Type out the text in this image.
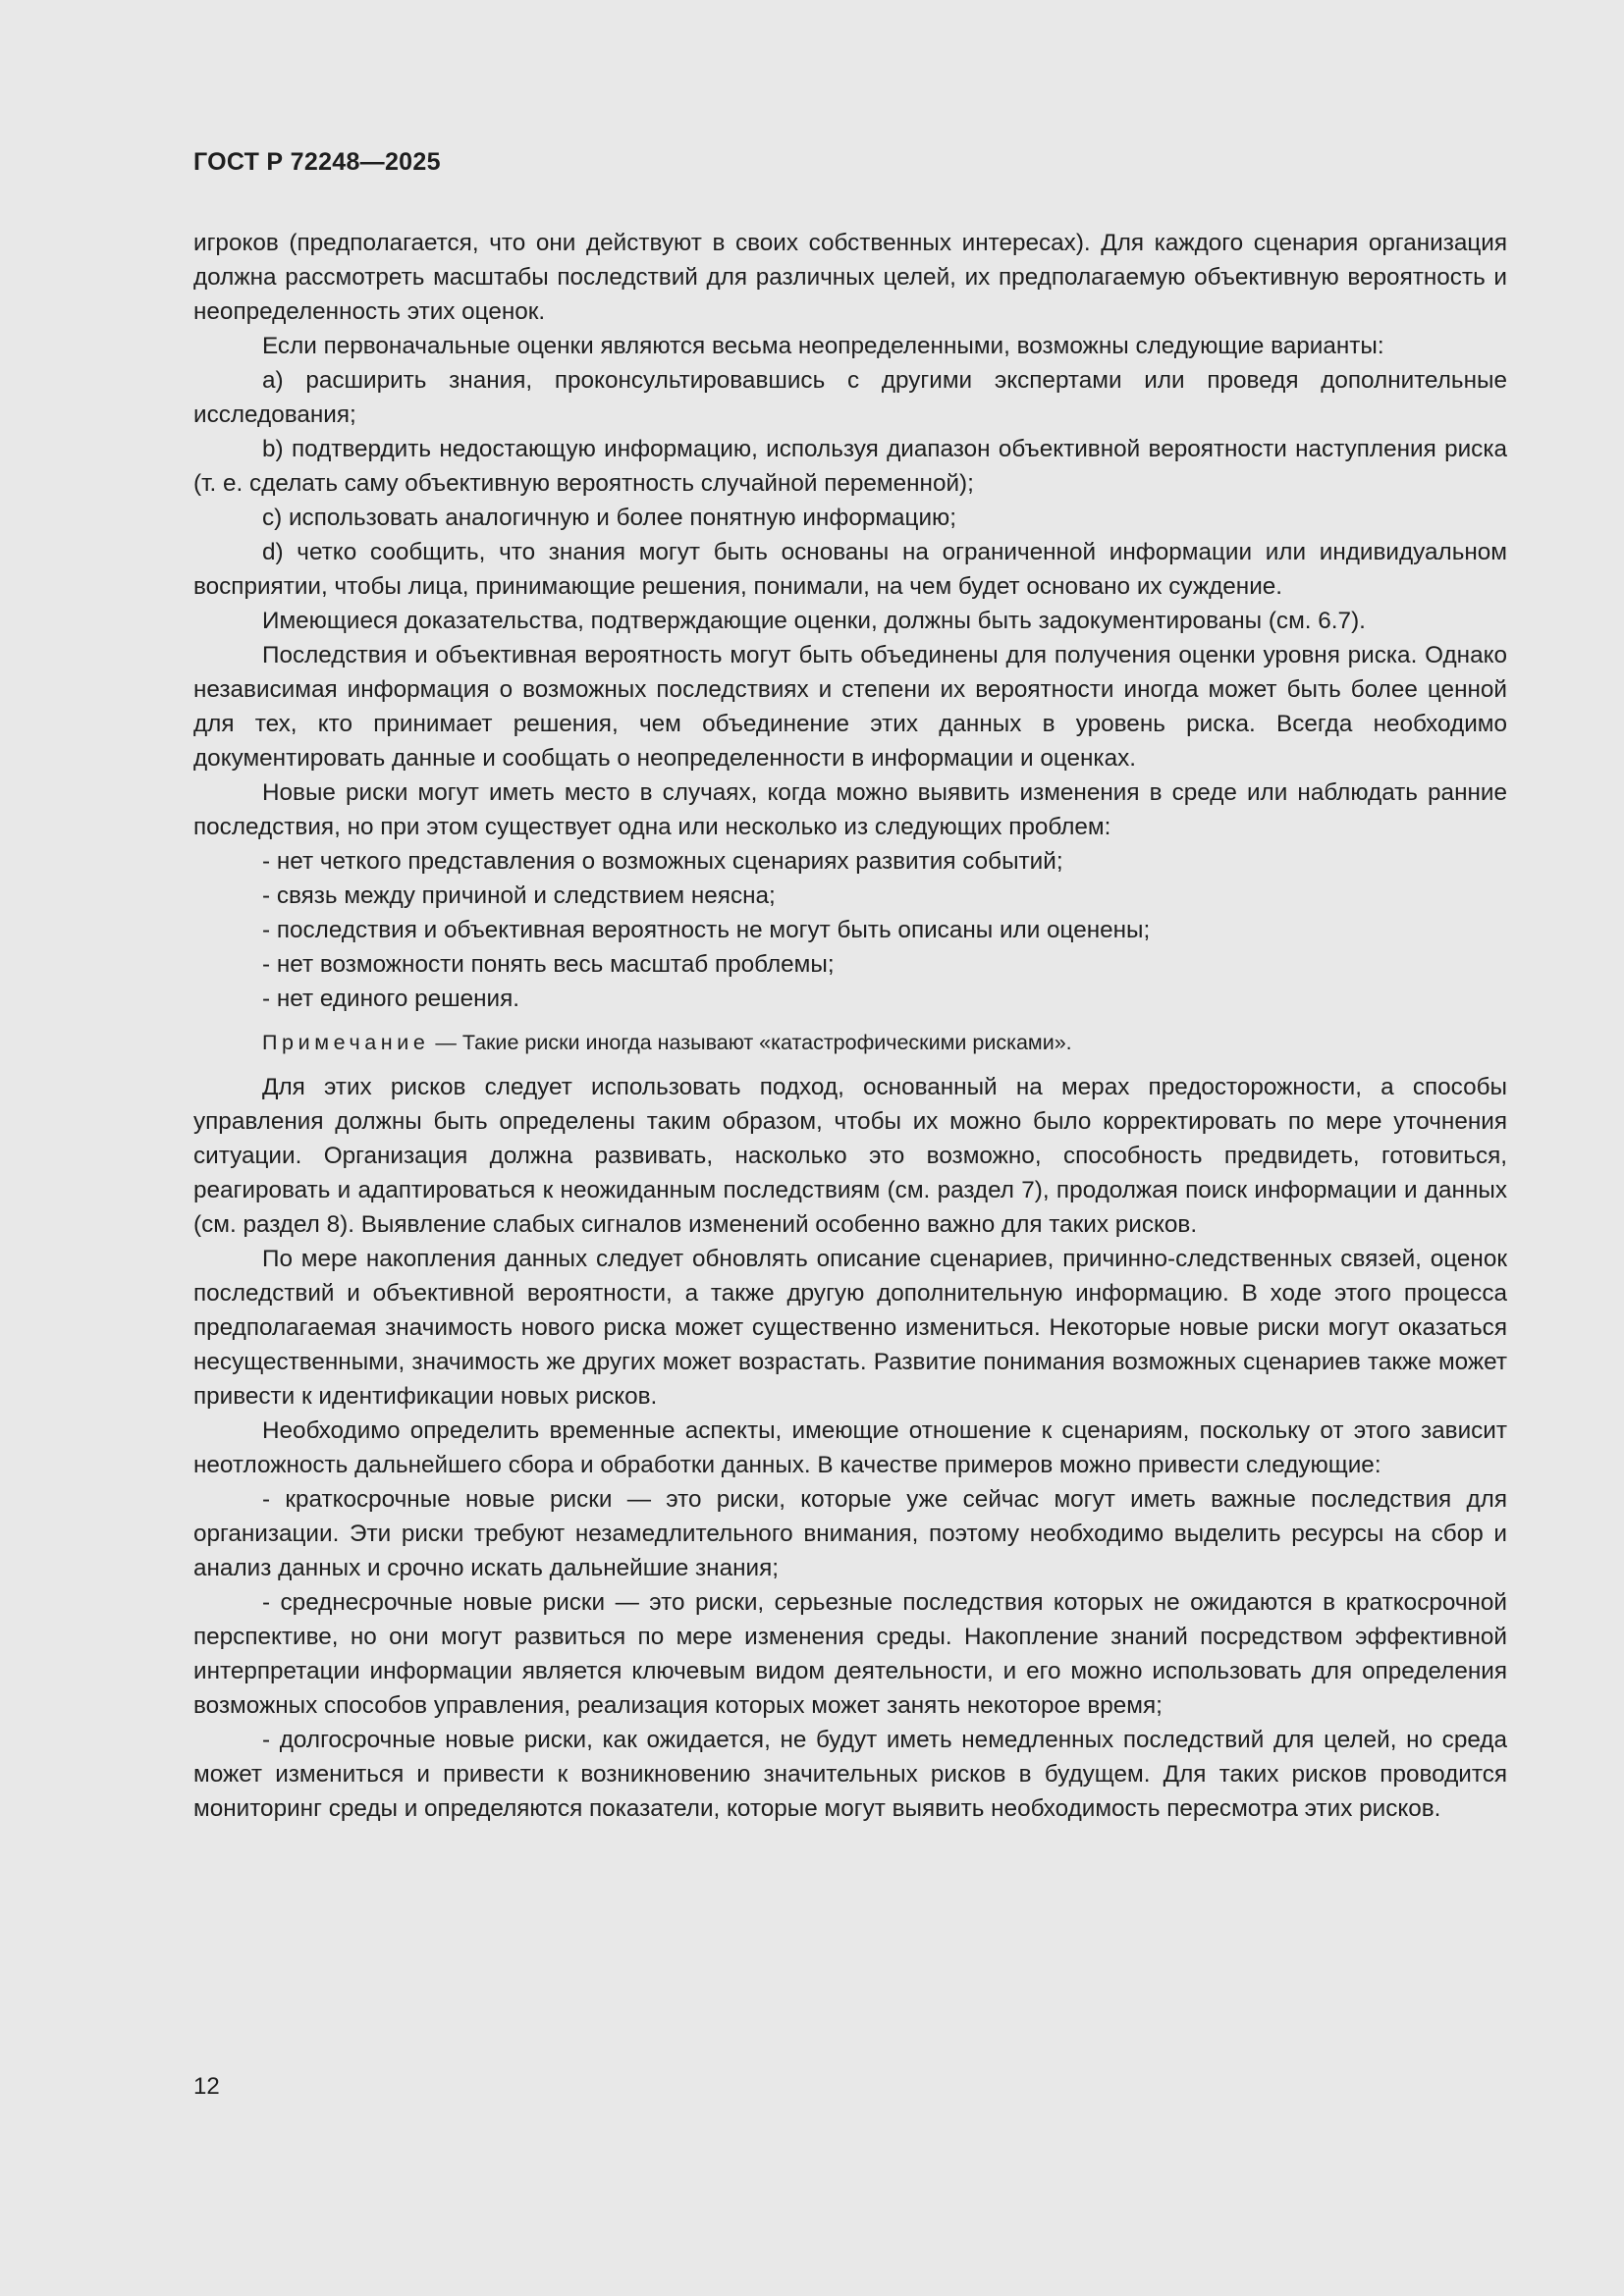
ГОСТ Р 72248—2025

игроков (предполагается, что они действуют в своих собственных интересах). Для каждого сценария организация должна рассмотреть масштабы последствий для различных целей, их предполагаемую объективную вероятность и неопределенность этих оценок.

Если первоначальные оценки являются весьма неопределенными, возможны следующие варианты:

a) расширить знания, проконсультировавшись с другими экспертами или проведя дополнительные исследования;

b) подтвердить недостающую информацию, используя диапазон объективной вероятности наступления риска (т. е. сделать саму объективную вероятность случайной переменной);

c) использовать аналогичную и более понятную информацию;

d) четко сообщить, что знания могут быть основаны на ограниченной информации или индивидуальном восприятии, чтобы лица, принимающие решения, понимали, на чем будет основано их суждение.

Имеющиеся доказательства, подтверждающие оценки, должны быть задокументированы (см. 6.7).

Последствия и объективная вероятность могут быть объединены для получения оценки уровня риска. Однако независимая информация о возможных последствиях и степени их вероятности иногда может быть более ценной для тех, кто принимает решения, чем объединение этих данных в уровень риска. Всегда необходимо документировать данные и сообщать о неопределенности в информации и оценках.

Новые риски могут иметь место в случаях, когда можно выявить изменения в среде или наблюдать ранние последствия, но при этом существует одна или несколько из следующих проблем:

- нет четкого представления о возможных сценариях развития событий;

- связь между причиной и следствием неясна;

- последствия и объективная вероятность не могут быть описаны или оценены;

- нет возможности понять весь масштаб проблемы;

- нет единого решения.

Примечание — Такие риски иногда называют «катастрофическими рисками».

Для этих рисков следует использовать подход, основанный на мерах предосторожности, а способы управления должны быть определены таким образом, чтобы их можно было корректировать по мере уточнения ситуации. Организация должна развивать, насколько это возможно, способность предвидеть, готовиться, реагировать и адаптироваться к неожиданным последствиям (см. раздел 7), продолжая поиск информации и данных (см. раздел 8). Выявление слабых сигналов изменений особенно важно для таких рисков.

По мере накопления данных следует обновлять описание сценариев, причинно-следственных связей, оценок последствий и объективной вероятности, а также другую дополнительную информацию. В ходе этого процесса предполагаемая значимость нового риска может существенно измениться. Некоторые новые риски могут оказаться несущественными, значимость же других может возрастать. Развитие понимания возможных сценариев также может привести к идентификации новых рисков.

Необходимо определить временные аспекты, имеющие отношение к сценариям, поскольку от этого зависит неотложность дальнейшего сбора и обработки данных. В качестве примеров можно привести следующие:

- краткосрочные новые риски — это риски, которые уже сейчас могут иметь важные последствия для организации. Эти риски требуют незамедлительного внимания, поэтому необходимо выделить ресурсы на сбор и анализ данных и срочно искать дальнейшие знания;

- среднесрочные новые риски — это риски, серьезные последствия которых не ожидаются в краткосрочной перспективе, но они могут развиться по мере изменения среды. Накопление знаний посредством эффективной интерпретации информации является ключевым видом деятельности, и его можно использовать для определения возможных способов управления, реализация которых может занять некоторое время;

- долгосрочные новые риски, как ожидается, не будут иметь немедленных последствий для целей, но среда может измениться и привести к возникновению значительных рисков в будущем. Для таких рисков проводится мониторинг среды и определяются показатели, которые могут выявить необходимость пересмотра этих рисков.

12
